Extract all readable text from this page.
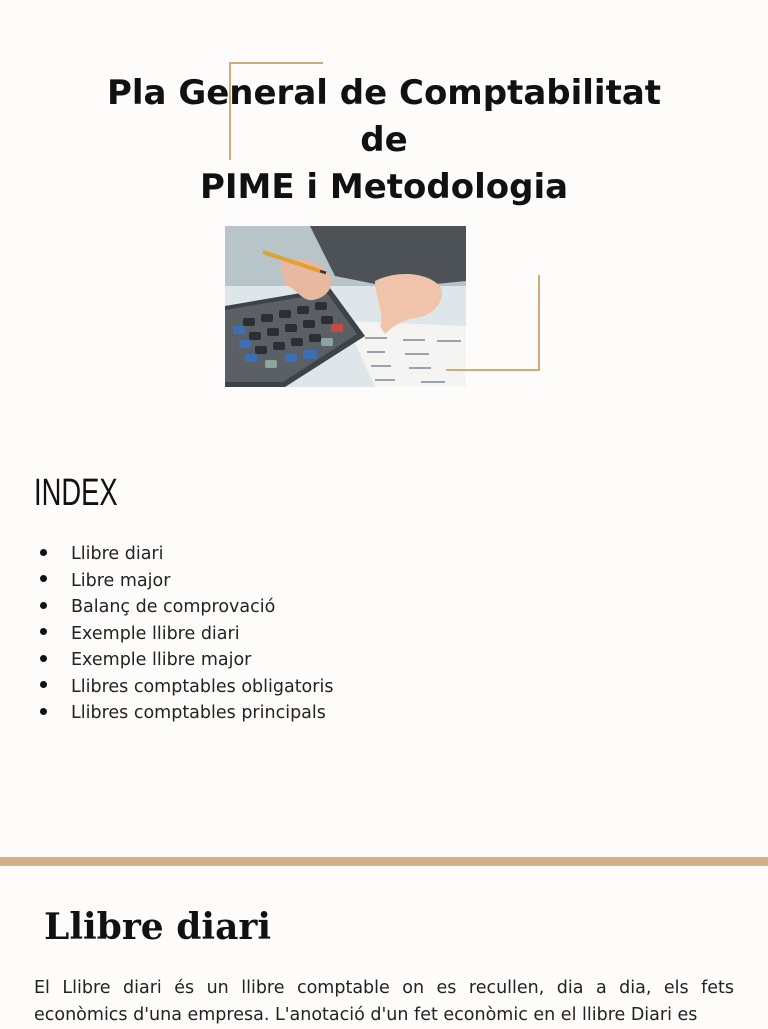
Pla General de Comptabilitat
de
PIME i Metodologia
INDEX
Llibre diari
Libre major
Balanç de comprovació
Exemple llibre diari
Exemple llibre major
Llibres comptables obligatoris
Llibres comptables principals
Llibre diari

El Llibre diari és un llibre comptable on es recullen, dia a dia, els fets econòmics d'una empresa. L'anotació d'un fet econòmic en el llibre Diari es
